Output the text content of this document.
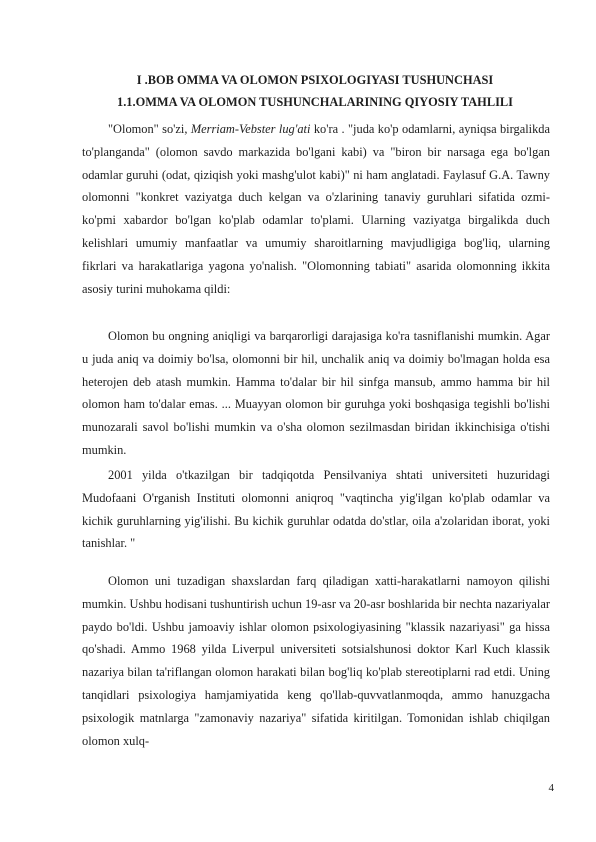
I .BOB OMMA VA OLOMON PSIXOLOGIYASI TUSHUNCHASI
1.1.OMMA VA OLOMON TUSHUNCHALARINING QIYOSIY TAHLILI

"Olomon" so'zi, Merriam-Vebster lug'ati ko'ra . "juda ko'p odamlarni, ayniqsa birgalikda to'planganda" (olomon savdo markazida bo'lgani kabi) va "biron bir narsaga ega bo'lgan odamlar guruhi (odat, qiziqish yoki mashg'ulot kabi)" ni ham anglatadi. Faylasuf G.A. Tawny olomonni "konkret vaziyatga duch kelgan va o'zlarining tanaviy guruhlari sifatida ozmi-ko'pmi xabardor bo'lgan ko'plab odamlar to'plami. Ularning vaziyatga birgalikda duch kelishlari umumiy manfaatlar va umumiy sharoitlarning mavjudligiga bog'liq, ularning fikrlari va harakatlariga yagona yo'nalish. "Olomonning tabiati" asarida olomonning ikkita asosiy turini muhokama qildi:

Olomon bu ongning aniqligi va barqarorligi darajasiga ko'ra tasniflanishi mumkin. Agar u juda aniq va doimiy bo'lsa, olomonni bir hil, unchalik aniq va doimiy bo'lmagan holda esa heterojen deb atash mumkin. Hamma to'dalar bir hil sinfga mansub, ammo hamma bir hil olomon ham to'dalar emas. ... Muayyan olomon bir guruhga yoki boshqasiga tegishli bo'lishi munozarali savol bo'lishi mumkin va o'sha olomon sezilmasdan biridan ikkinchisiga o'tishi mumkin.

2001 yilda o'tkazilgan bir tadqiqotda Pensilvaniya shtati universiteti huzuridagi Mudofaani O'rganish Instituti olomonni aniqroq "vaqtincha yig'ilgan ko'plab odamlar va kichik guruhlarning yig'ilishi. Bu kichik guruhlar odatda do'stlar, oila a'zolaridan iborat, yoki tanishlar. "

Olomon uni tuzadigan shaxslardan farq qiladigan xatti-harakatlarni namoyon qilishi mumkin. Ushbu hodisani tushuntirish uchun 19-asr va 20-asr boshlarida bir nechta nazariyalar paydo bo'ldi. Ushbu jamoaviy ishlar olomon psixologiyasining "klassik nazariyasi" ga hissa qo'shadi. Ammo 1968 yilda Liverpul universiteti sotsialshunosi doktor Karl Kuch klassik nazariya bilan ta'riflangan olomon harakati bilan bog'liq ko'plab stereotiplarni rad etdi. Uning tanqidlari psixologiya hamjamiyatida keng qo'llab-quvvatlanmoqda, ammo hanuzgacha psixologik matnlarga "zamonaviy nazariya" sifatida kiritilgan. Tomonidan ishlab chiqilgan olomon xulq-

4
